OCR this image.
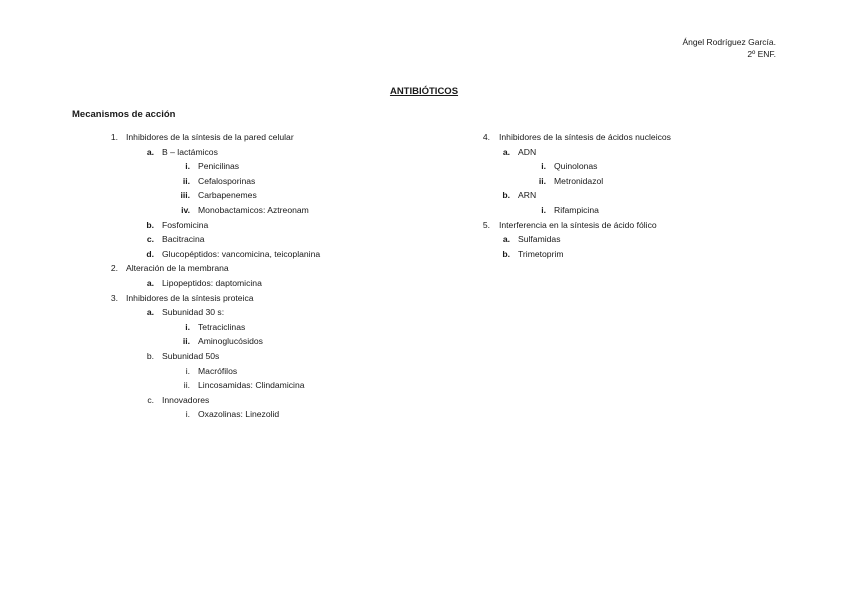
Ángel Rodríguez García.
2º ENF.
ANTIBIÓTICOS
Mecanismos de acción
1. Inhibidores de la síntesis de la pared celular
a. B – lactámicos
i. Penicilinas
ii. Cefalosporinas
iii. Carbapenemes
iv. Monobactamicos: Aztreonam
b. Fosfomicina
c. Bacitracina
d. Glucopéptidos: vancomicina, teicoplanina
2. Alteración de la membrana
a. Lipopeptidos: daptomicina
3. Inhibidores de la síntesis proteica
a. Subunidad 30 s:
i. Tetraciclinas
ii. Aminoglucósidos
b. Subunidad 50s
i. Macrófilos
ii. Lincosamidas: Clindamicina
c. Innovadores
i. Oxazolinas: Linezolid
4. Inhibidores de la síntesis de ácidos nucleicos
a. ADN
i. Quinolonas
ii. Metronidazol
b. ARN
i. Rifampicina
5. Interferencia en la síntesis de ácido fólico
a. Sulfamidas
b. Trimetoprim
